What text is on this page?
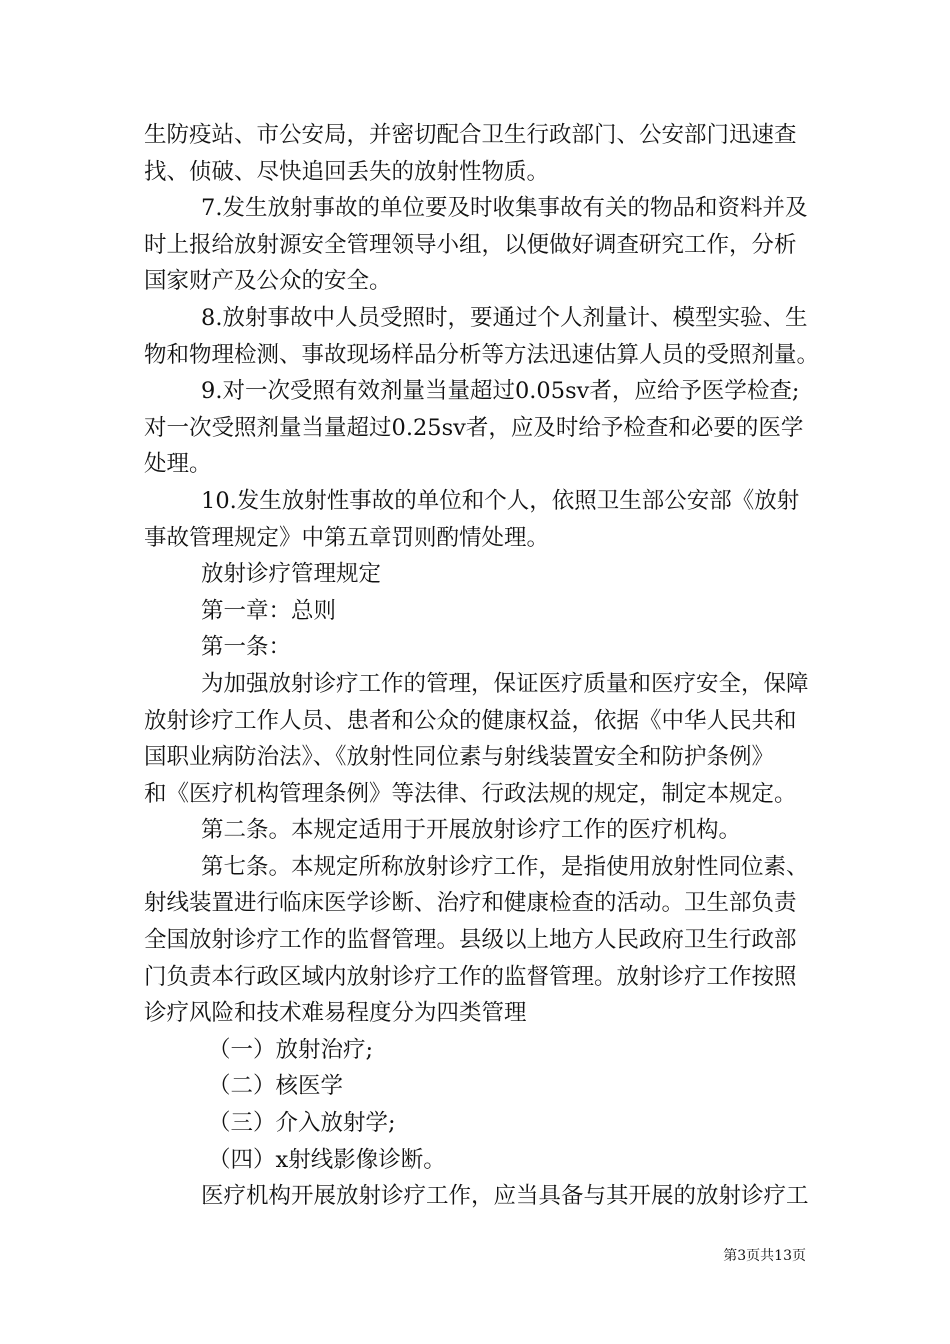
生防疫站、市公安局，并密切配合卫生行政部门、公安部门迅速查
找、侦破、尽快追回丢失的放射性物质。
7.发生放射事故的单位要及时收集事故有关的物品和资料并及
时上报给放射源安全管理领导小组，以便做好调查研究工作，分析
国家财产及公众的安全。
8.放射事故中人员受照时，要通过个人剂量计、模型实验、生
物和物理检测、事故现场样品分析等方法迅速估算人员的受照剂量。
9.对一次受照有效剂量当量超过0.05sv者，应给予医学检查;
对一次受照剂量当量超过0.25sv者，应及时给予检查和必要的医学
处理。
10.发生放射性事故的单位和个人，依照卫生部公安部《放射
事故管理规定》中第五章罚则酌情处理。
放射诊疗管理规定
第一章：总则
第一条：
为加强放射诊疗工作的管理，保证医疗质量和医疗安全，保障
放射诊疗工作人员、患者和公众的健康权益，依据《中华人民共和
国职业病防治法》、《放射性同位素与射线装置安全和防护条例》
和《医疗机构管理条例》等法律、行政法规的规定，制定本规定。
第二条。本规定适用于开展放射诊疗工作的医疗机构。
第七条。本规定所称放射诊疗工作，是指使用放射性同位素、
射线装置进行临床医学诊断、治疗和健康检查的活动。卫生部负责
全国放射诊疗工作的监督管理。县级以上地方人民政府卫生行政部
门负责本行政区域内放射诊疗工作的监督管理。放射诊疗工作按照
诊疗风险和技术难易程度分为四类管理
（一）放射治疗;
（二）核医学
（三）介入放射学;
（四）x射线影像诊断。
医疗机构开展放射诊疗工作，应当具备与其开展的放射诊疗工
第3页共13页
